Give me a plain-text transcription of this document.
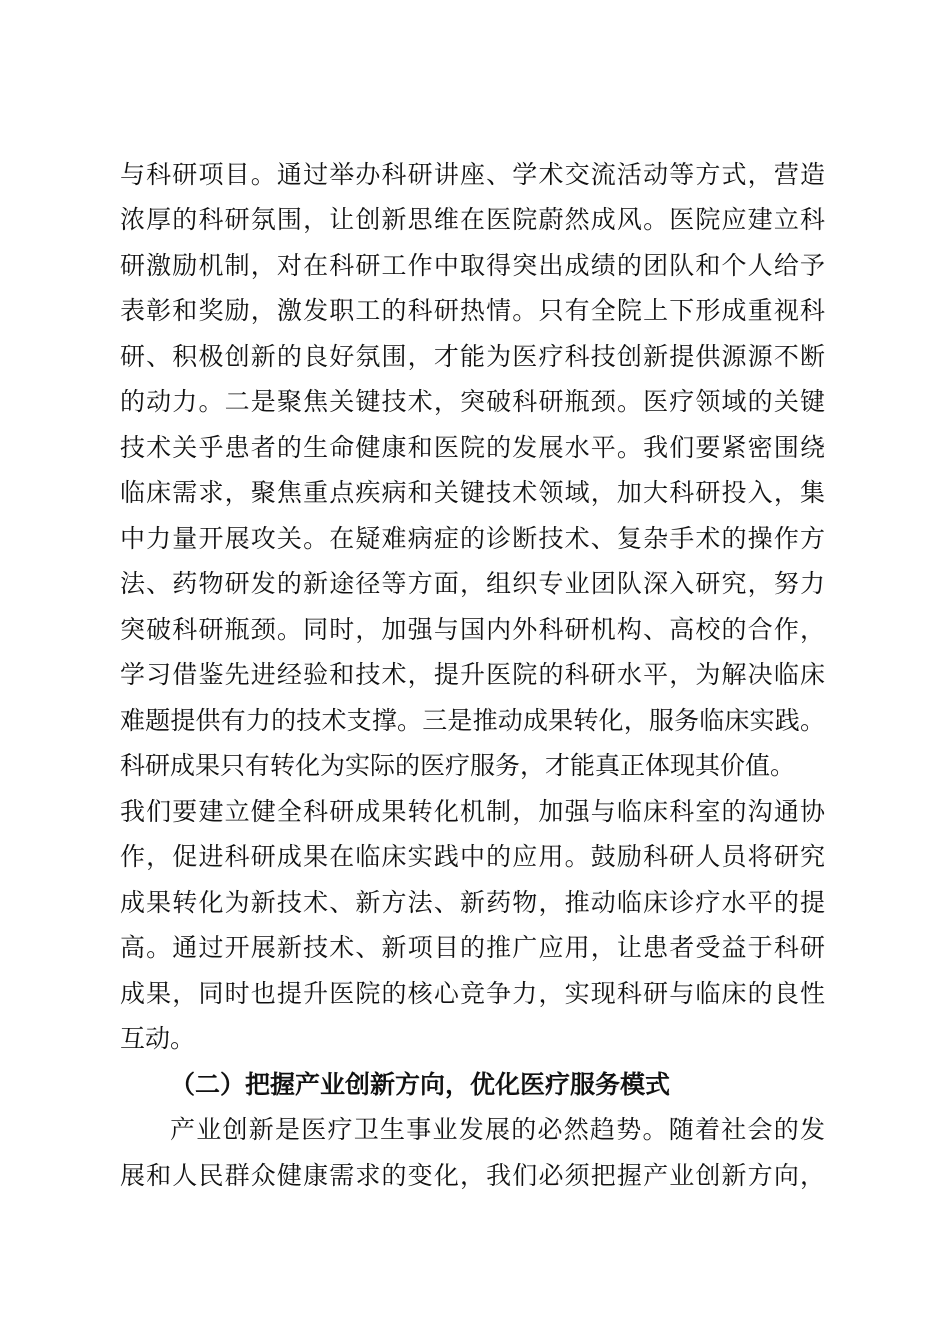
与科研项目。通过举办科研讲座、学术交流活动等方式，营造
浓厚的科研氛围，让创新思维在医院蔚然成风。医院应建立科
研激励机制，对在科研工作中取得突出成绩的团队和个人给予
表彰和奖励，激发职工的科研热情。只有全院上下形成重视科
研、积极创新的良好氛围，才能为医疗科技创新提供源源不断
的动力。二是聚焦关键技术，突破科研瓶颈。医疗领域的关键
技术关乎患者的生命健康和医院的发展水平。我们要紧密围绕
临床需求，聚焦重点疾病和关键技术领域，加大科研投入，集
中力量开展攻关。在疑难病症的诊断技术、复杂手术的操作方
法、药物研发的新途径等方面，组织专业团队深入研究，努力
突破科研瓶颈。同时，加强与国内外科研机构、高校的合作，
学习借鉴先进经验和技术，提升医院的科研水平，为解决临床
难题提供有力的技术支撑。三是推动成果转化，服务临床实践。
科研成果只有转化为实际的医疗服务，才能真正体现其价值。
我们要建立健全科研成果转化机制，加强与临床科室的沟通协
作，促进科研成果在临床实践中的应用。鼓励科研人员将研究
成果转化为新技术、新方法、新药物，推动临床诊疗水平的提
高。通过开展新技术、新项目的推广应用，让患者受益于科研
成果，同时也提升医院的核心竞争力，实现科研与临床的良性
互动。
（二）把握产业创新方向，优化医疗服务模式
产业创新是医疗卫生事业发展的必然趋势。随着社会的发
展和人民群众健康需求的变化，我们必须把握产业创新方向，
